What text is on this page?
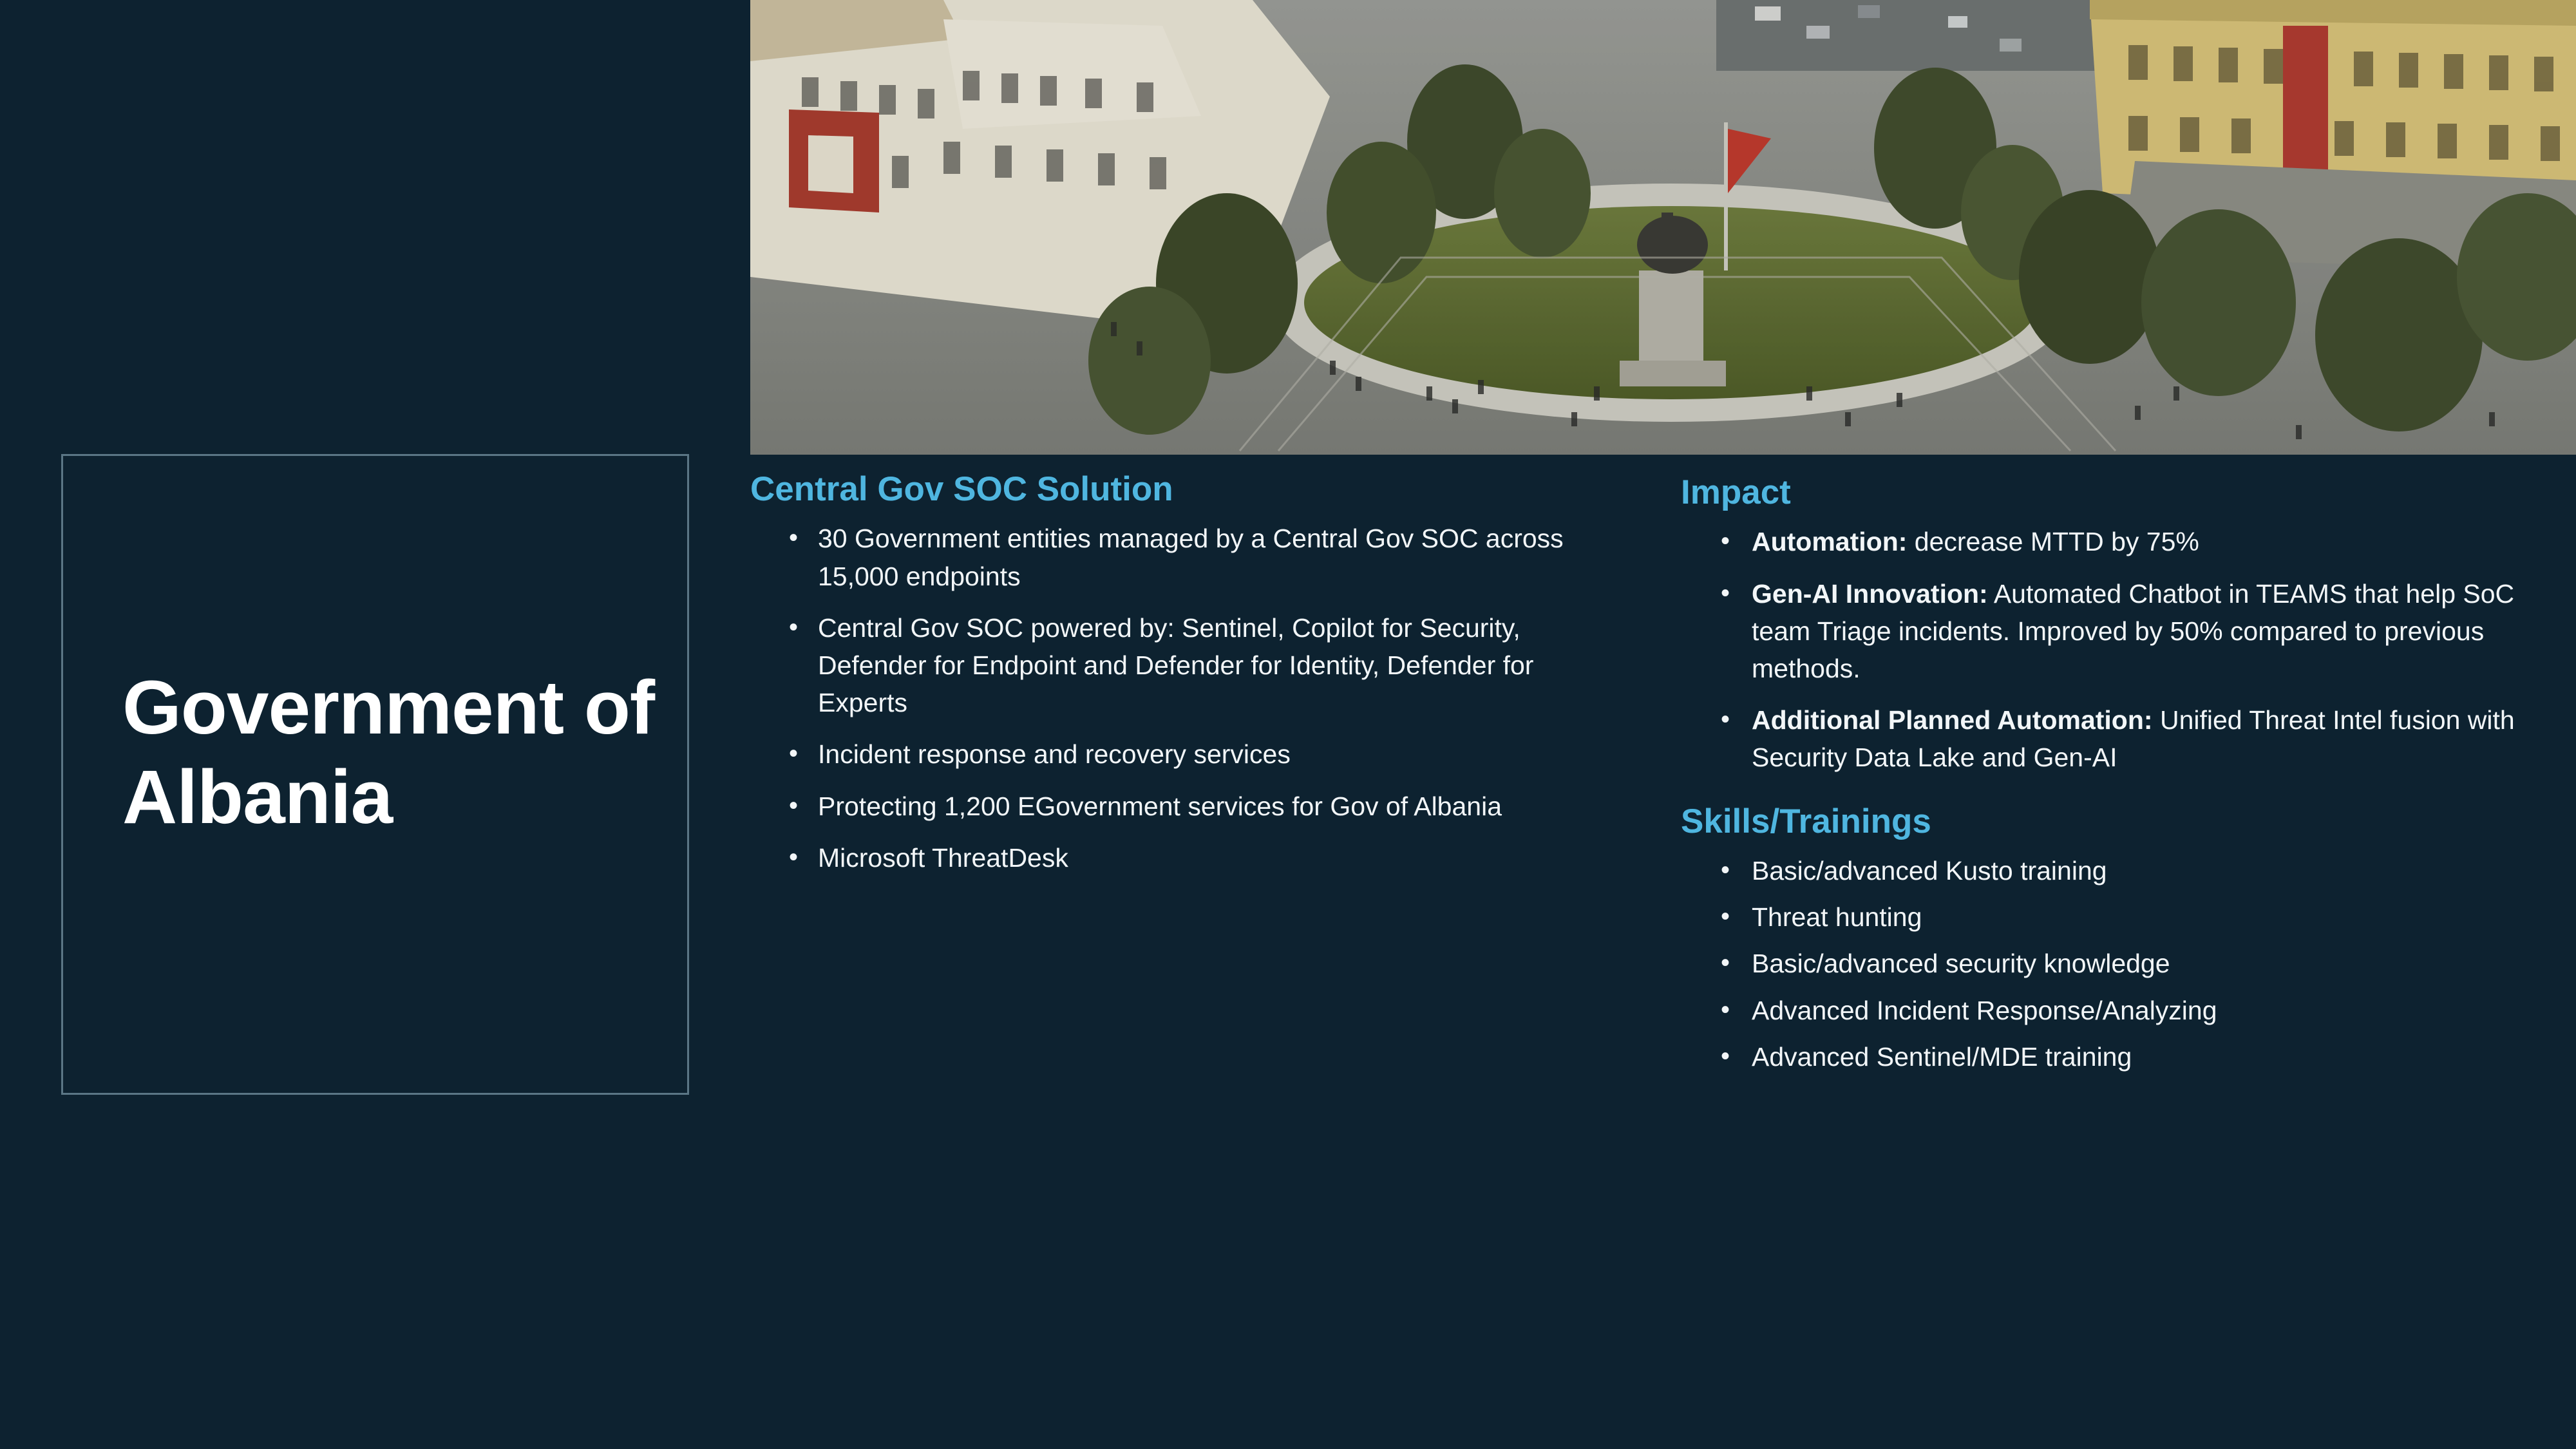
Government of Albania
Central Gov SOC Solution
• 30 Government entities managed by a Central Gov SOC across 15,000 endpoints
• Central Gov SOC powered by: Sentinel, Copilot for Security, Defender for Endpoint and Defender for Identity, Defender for Experts
• Incident response and recovery services
• Protecting 1,200 EGovernment services for Gov of Albania
• Microsoft ThreatDesk
Impact
• Automation: decrease MTTD by 75%
• Gen-AI Innovation: Automated Chatbot in TEAMS that help SoC team Triage incidents. Improved by 50% compared to previous methods.
• Additional Planned Automation: Unified Threat Intel fusion with Security Data Lake and Gen-AI
Skills/Trainings
• Basic/advanced Kusto training
• Threat hunting
• Basic/advanced security knowledge
• Advanced Incident Response/Analyzing
• Advanced Sentinel/MDE training
